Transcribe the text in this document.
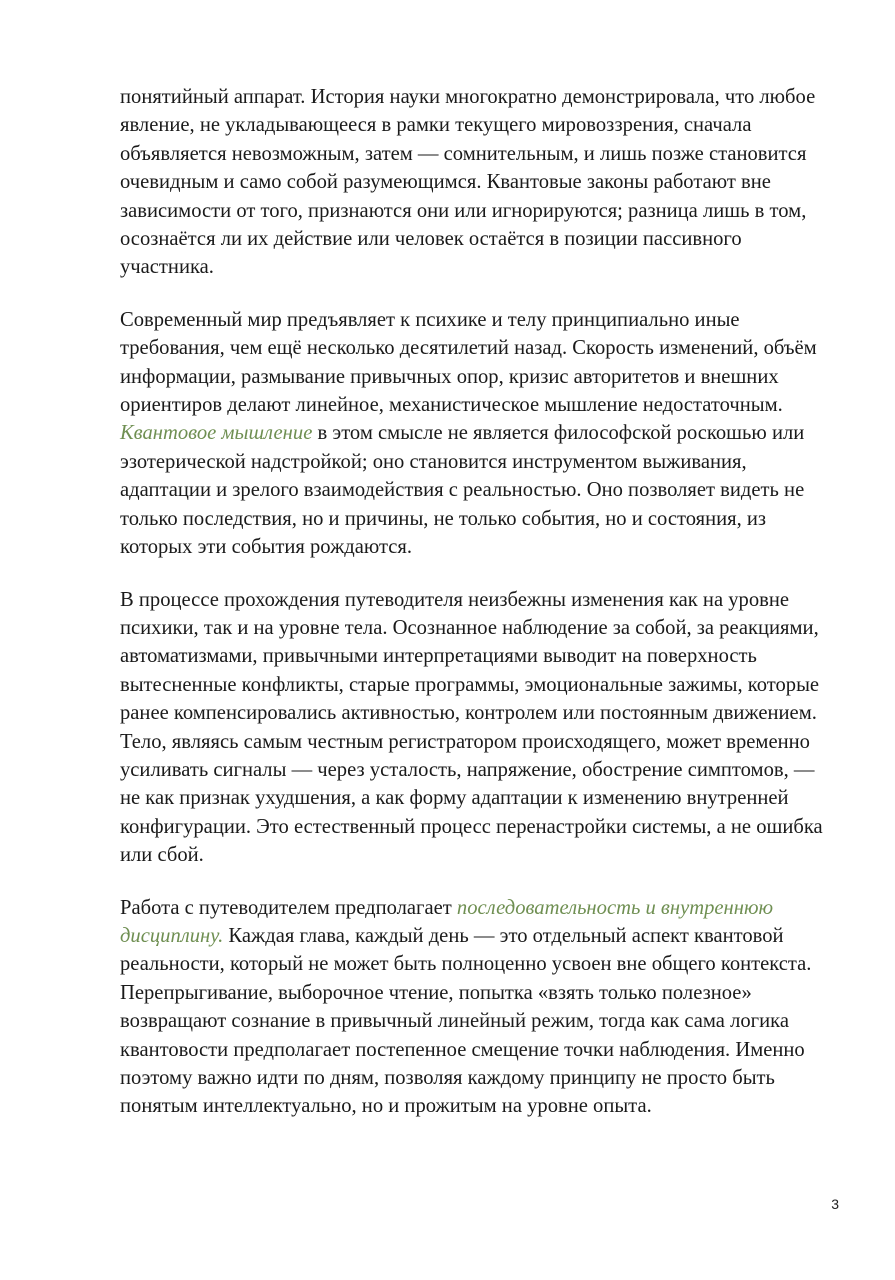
понятийный аппарат. История науки многократно демонстрировала, что любое явление, не укладывающееся в рамки текущего мировоззрения, сначала объявляется невозможным, затем — сомнительным, и лишь позже становится очевидным и само собой разумеющимся. Квантовые законы работают вне зависимости от того, признаются они или игнорируются; разница лишь в том, осознаётся ли их действие или человек остаётся в позиции пассивного участника.

Современный мир предъявляет к психике и телу принципиально иные требования, чем ещё несколько десятилетий назад. Скорость изменений, объём информации, размывание привычных опор, кризис авторитетов и внешних ориентиров делают линейное, механистическое мышление недостаточным. Квантовое мышление в этом смысле не является философской роскошью или эзотерической надстройкой; оно становится инструментом выживания, адаптации и зрелого взаимодействия с реальностью. Оно позволяет видеть не только последствия, но и причины, не только события, но и состояния, из которых эти события рождаются.

В процессе прохождения путеводителя неизбежны изменения как на уровне психики, так и на уровне тела. Осознанное наблюдение за собой, за реакциями, автоматизмами, привычными интерпретациями выводит на поверхность вытесненные конфликты, старые программы, эмоциональные зажимы, которые ранее компенсировались активностью, контролем или постоянным движением. Тело, являясь самым честным регистратором происходящего, может временно усиливать сигналы — через усталость, напряжение, обострение симптомов, — не как признак ухудшения, а как форму адаптации к изменению внутренней конфигурации. Это естественный процесс перенастройки системы, а не ошибка или сбой.

Работа с путеводителем предполагает последовательность и внутреннюю дисциплину. Каждая глава, каждый день — это отдельный аспект квантовой реальности, который не может быть полноценно усвоен вне общего контекста. Перепрыгивание, выборочное чтение, попытка «взять только полезное» возвращают сознание в привычный линейный режим, тогда как сама логика квантовости предполагает постепенное смещение точки наблюдения. Именно поэтому важно идти по дням, позволяя каждому принципу не просто быть понятым интеллектуально, но и прожитым на уровне опыта.

3
